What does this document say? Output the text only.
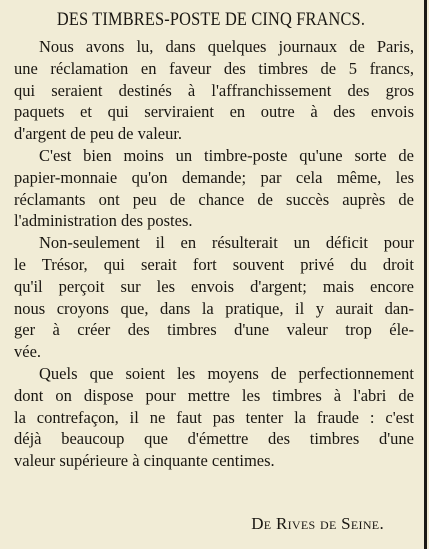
DES TIMBRES-POSTE DE CINQ FRANCS.
Nous avons lu, dans quelques journaux de Paris,
une réclamation en faveur des timbres de 5 francs,
qui seraient destinés à l'affranchissement des gros
paquets et qui serviraient en outre à des envois
d'argent de peu de valeur.
C'est bien moins un timbre-poste qu'une sorte de
papier-monnaie qu'on demande; par cela même, les
réclamants ont peu de chance de succès auprès de
l'administration des postes.
Non-seulement il en résulterait un déficit pour
le Trésor, qui serait fort souvent privé du droit
qu'il perçoit sur les envois d'argent; mais encore
nous croyons que, dans la pratique, il y aurait dan-
ger à créer des timbres d'une valeur trop éle-
vée.
Quels que soient les moyens de perfectionnement
dont on dispose pour mettre les timbres à l'abri de
la contrefaçon, il ne faut pas tenter la fraude : c'est
déjà beaucoup que d'émettre des timbres d'une
valeur supérieure à cinquante centimes.
De Rives de Seine.
